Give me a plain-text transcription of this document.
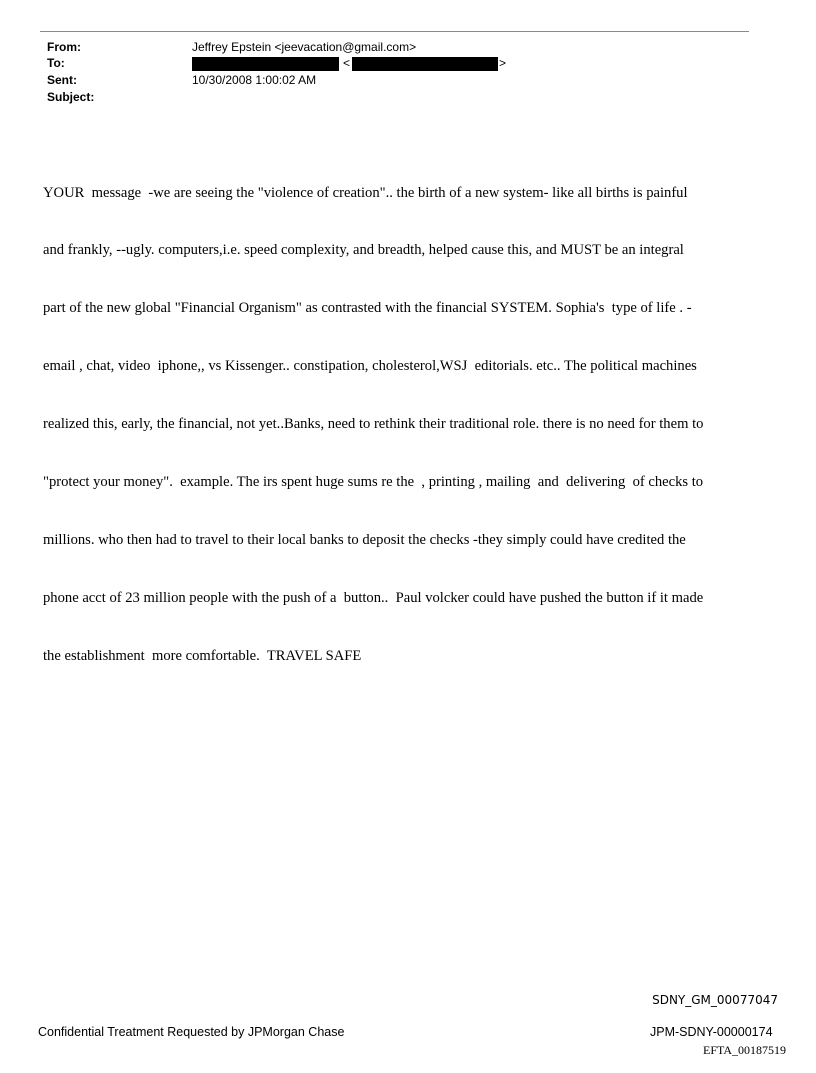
From:	Jeffrey Epstein <jeevacation@gmail.com>
To:	<	>
Sent:	10/30/2008 1:00:02 AM
Subject:

YOUR  message  -we are seeing the "violence of creation".. the birth of a new system- like all births is painful

and frankly, --ugly. computers,i.e. speed complexity, and breadth, helped cause this, and MUST be an integral

part of the new global "Financial Organism" as contrasted with the financial SYSTEM. Sophia's  type of life . -

email , chat, video  iphone,, vs Kissenger.. constipation, cholesterol,WSJ  editorials. etc.. The political machines

realized this, early, the financial, not yet..Banks, need to rethink their traditional role. there is no need for them to

"protect your money".  example. The irs spent huge sums re the  , printing , mailing  and  delivering  of checks to

millions. who then had to travel to their local banks to deposit the checks -they simply could have credited the

phone acct of 23 million people with the push of a  button..  Paul volcker could have pushed the button if it made

the establishment  more comfortable.  TRAVEL SAFE

SDNY_GM_00077047
Confidential Treatment Requested by JPMorgan Chase	JPM-SDNY-00000174
EFTA_00187519
